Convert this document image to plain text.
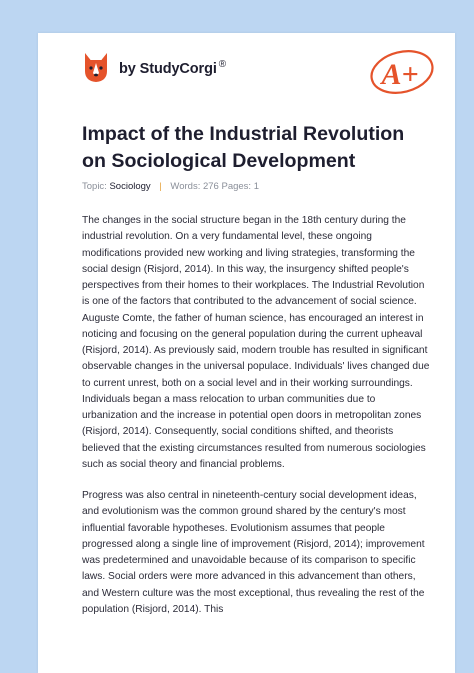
by StudyCorgi ®	A+
Impact of the Industrial Revolution on Sociological Development
Topic: Sociology | Words: 276 Pages: 1

The changes in the social structure began in the 18th century during the industrial revolution. On a very fundamental level, these ongoing modifications provided new working and living strategies, transforming the social design (Risjord, 2014). In this way, the insurgency shifted people's perspectives from their homes to their workplaces. The Industrial Revolution is one of the factors that contributed to the advancement of social science. Auguste Comte, the father of human science, has encouraged an interest in noticing and focusing on the general population during the current upheaval (Risjord, 2014). As previously said, modern trouble has resulted in significant observable changes in the universal populace. Individuals' lives changed due to current unrest, both on a social level and in their working surroundings. Individuals began a mass relocation to urban communities due to urbanization and the increase in potential open doors in metropolitan zones (Risjord, 2014). Consequently, social conditions shifted, and theorists believed that the existing circumstances resulted from numerous sociologies such as social theory and financial problems.

Progress was also central in nineteenth-century social development ideas, and evolutionism was the common ground shared by the century's most influential favorable hypotheses. Evolutionism assumes that people progressed along a single line of improvement (Risjord, 2014); improvement was predetermined and unavoidable because of its comparison to specific laws. Social orders were more advanced in this advancement than others, and Western culture was the most exceptional, thus revealing the rest of the population (Risjord, 2014). This
